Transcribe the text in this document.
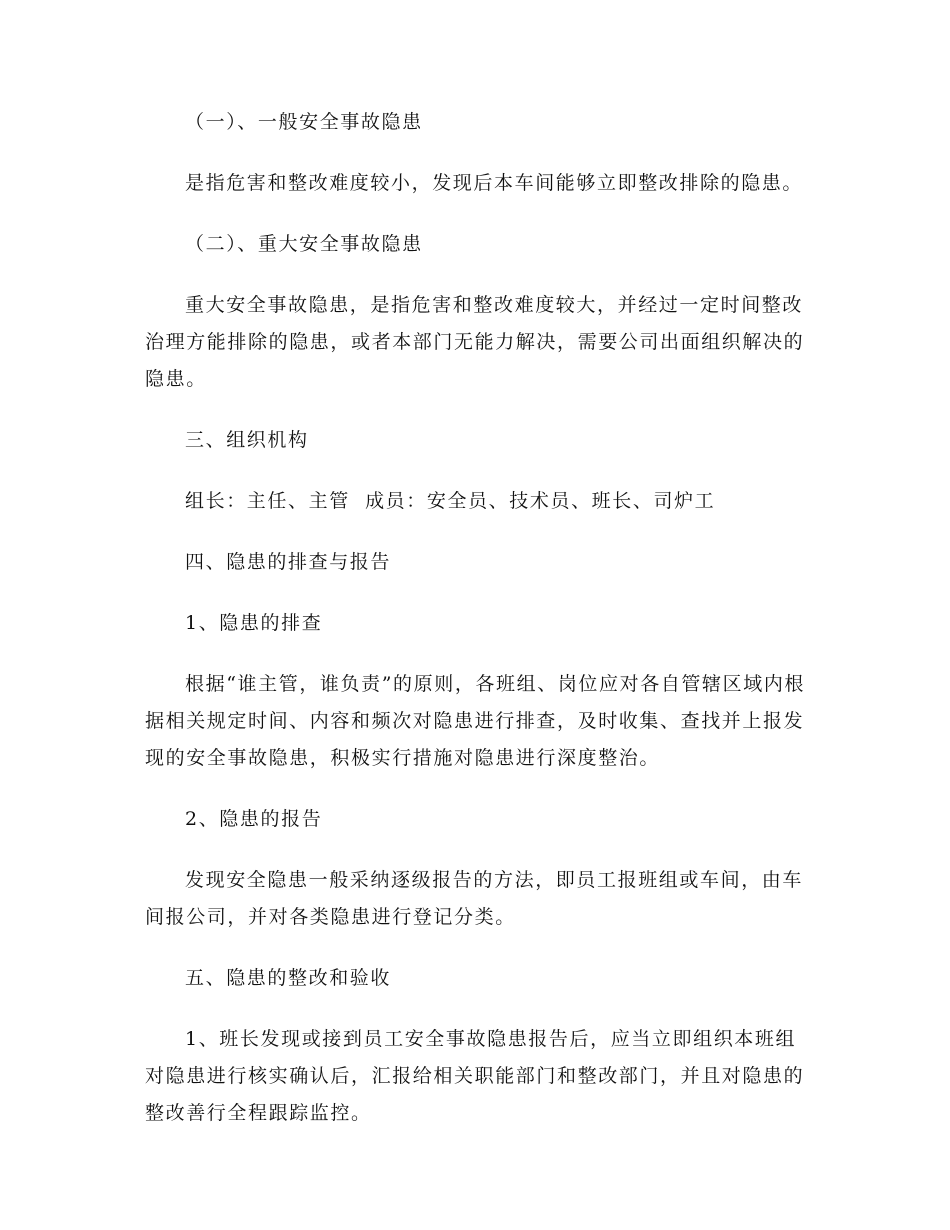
（一）、一般安全事故隐患

是指危害和整改难度较小，发现后本车间能够立即整改排除的隐患。

（二）、重大安全事故隐患

重大安全事故隐患，是指危害和整改难度较大，并经过一定时间整改治理方能排除的隐患，或者本部门无能力解决，需要公司出面组织解决的隐患。

三、组织机构

组长：主任、主管  成员：安全员、技术员、班长、司炉工

四、隐患的排查与报告

1、隐患的排查

根据“谁主管，谁负责”的原则，各班组、岗位应对各自管辖区域内根据相关规定时间、内容和频次对隐患进行排查，及时收集、查找并上报发现的安全事故隐患，积极实行措施对隐患进行深度整治。

2、隐患的报告

发现安全隐患一般采纳逐级报告的方法，即员工报班组或车间，由车间报公司，并对各类隐患进行登记分类。

五、隐患的整改和验收

1、班长发现或接到员工安全事故隐患报告后，应当立即组织本班组对隐患进行核实确认后，汇报给相关职能部门和整改部门，并且对隐患的整改善行全程跟踪监控。
